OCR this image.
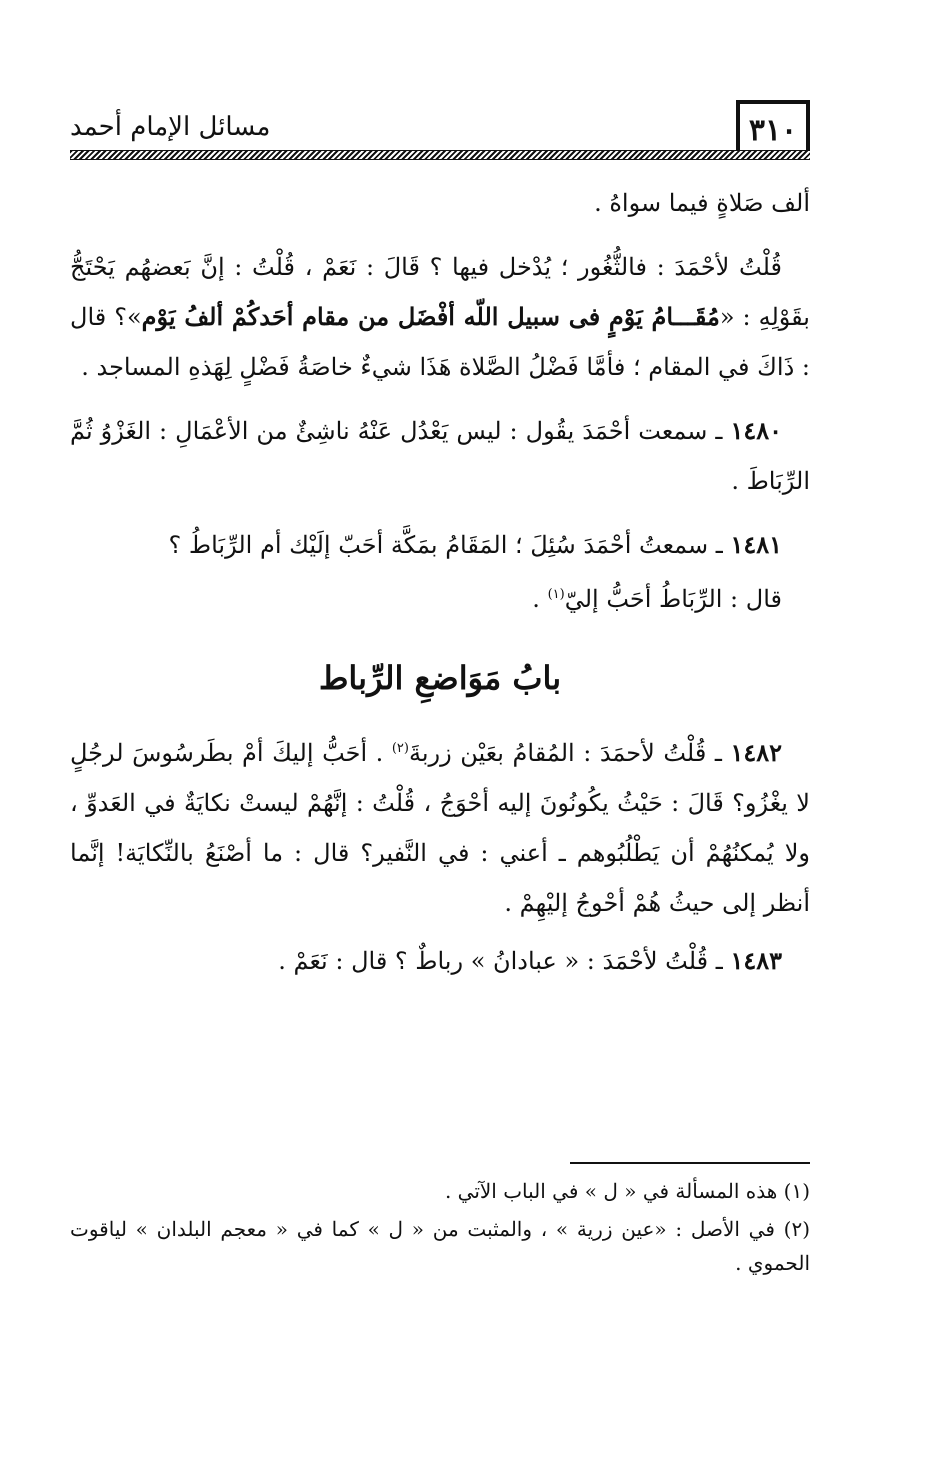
٣١٠
مسائل الإمام أحمد

ألف صَلاةٍ فيما سواهُ .

قُلْتُ لأحْمَدَ : فالثُّغُور ؛ يُدْخل فيها ؟ قَالَ : نَعَمْ ، قُلْتُ : إنَّ بَعضهُم يَحْتَجُّ بقَوْلِهِ : «مُقَـــامُ يَوْمٍ فى سبيل اللّه أفْضَل من مقام أحَدكُمْ ألفُ يَوْم»؟ قال : ذَاكَ في المقام ؛ فأمَّا فَضْلُ الصَّلاة هَذَا شيءٌ خاصَةُ فَضْلٍ لِهَذهِ المساجد .

١٤٨٠ ـ سمعت أحْمَدَ يقُول : ليس يَعْدُل عَنْهُ ناشِئٌ من الأعْمَالِ : الغَزْوُ ثُمَّ الرِّبَاطَ .

١٤٨١ ـ سمعتُ أحْمَدَ سُئِلَ ؛ المَقَامُ بمَكَّة أحَبّ إلَيْك أم الرِّبَاطُ ؟

قال : الرِّبَاطُ أحَبُّ إليّ$^{(١)}$ .

بابُ مَوَاضعِ الرِّباط

١٤٨٢ ـ قُلْتُ لأحمَدَ : المُقامُ بعَيْن زربةَ$^{(٢)}$ . أحَبُّ إليكَ أمْ بطَرسُوسَ لرجُلٍ لا يغْزُو؟ قَالَ : حَيْثُ يكُونُونَ إليه أحْوَجُ ، قُلْتُ : إنَّهُمْ ليستْ نكايَةٌ في العَدوِّ ، ولا يُمكنُهُمْ أن يَطْلُبُوهم ـ أعني : في النَّفير؟ قال : ما أصْنَعُ بالنِّكايَة! إنَّما أنظر إلى حيثُ هُمْ أحْوجُ إليْهِمْ .

١٤٨٣ ـ قُلْتُ لأحْمَدَ : « عبادانُ » رباطٌ ؟ قال : نَعَمْ .

(١) هذه المسألة في « ل » في الباب الآتي .

(٢) في الأصل : «عين زرية » ، والمثبت من « ل » كما في « معجم البلدان » لياقوت الحموي .
